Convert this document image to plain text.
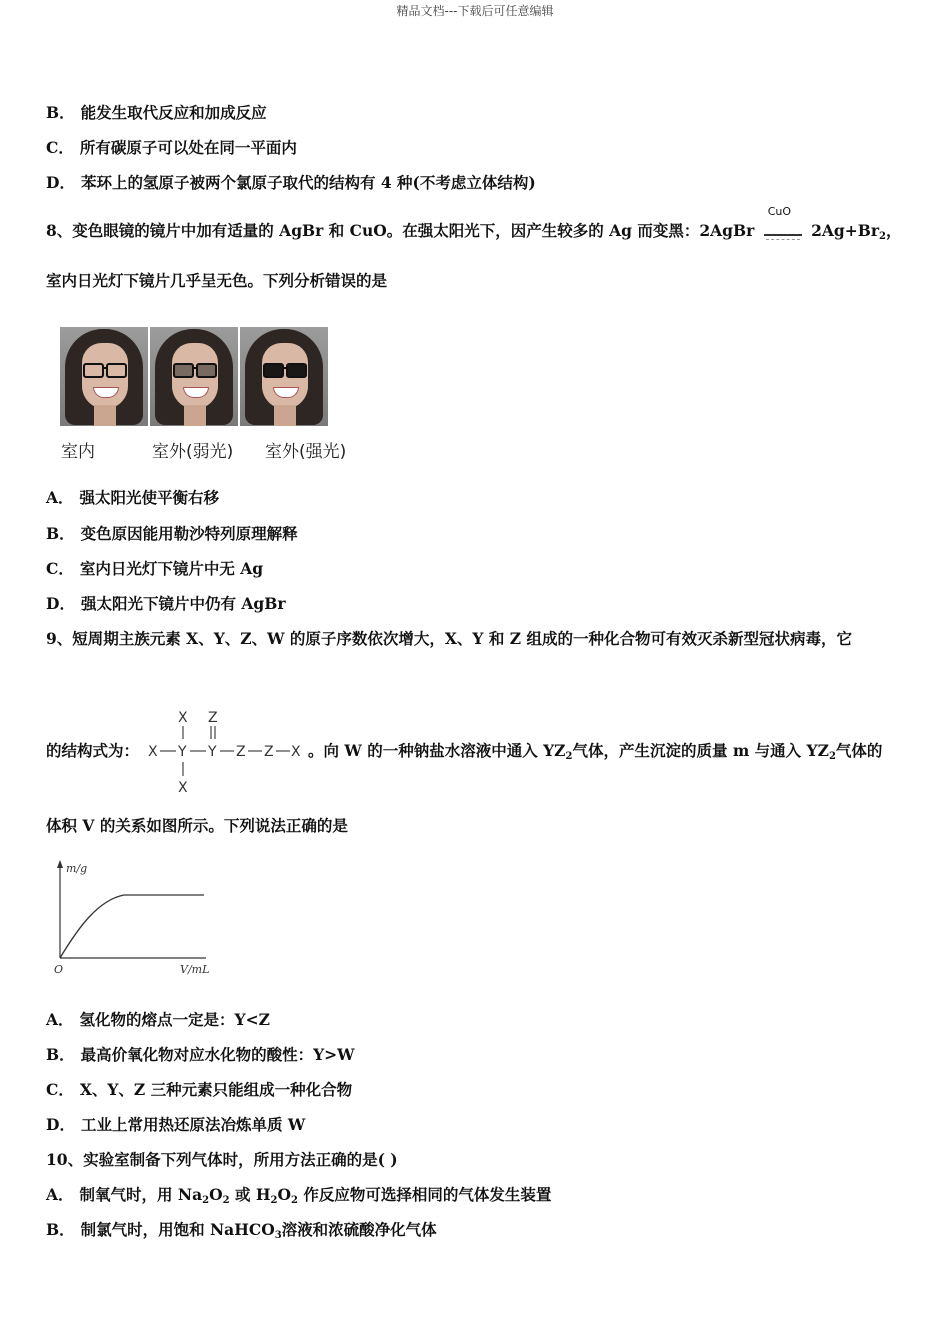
精品文档---下载后可任意编辑
B． 能发生取代反应和加成反应
C． 所有碳原子可以处在同一平面内
D． 苯环上的氢原子被两个氯原子取代的结构有 4 种(不考虑立体结构)
8、变色眼镜的镜片中加有适量的 AgBr 和 CuO。在强太阳光下，因产生较多的 Ag 而变黑：2AgBr
CuO
$2Ag+Br_2$，
室内日光灯下镜片几乎呈无色。下列分析错误的是
室内	室外(弱光) 室外(强光)
A． 强太阳光使平衡右移
B． 变色原因能用勒沙特列原理解释
C． 室内日光灯下镜片中无 Ag
D． 强太阳光下镜片中仍有 AgBr
9、短周期主族元素 X、Y、Z、W 的原子序数依次增大，X、Y 和 Z 组成的一种化合物可有效灭杀新型冠状病毒，它
的结构式为：
X Z
X Y Y Z Z X
X
。向 W 的一种钠盐水溶液中通入 $YZ_2$气体，产生沉淀的质量 m 与通入 $YZ_2$气体的
体积 V 的关系如图所示。下列说法正确的是
m/g
O	V/mL
A． 氢化物的熔点一定是：Y<Z
B． 最高价氧化物对应水化物的酸性：Y>W
C． X、Y、Z 三种元素只能组成一种化合物
D． 工业上常用热还原法冶炼单质 W
10、实验室制备下列气体时，所用方法正确的是( )
A． 制氧气时，用 $Na_2O_2$ 或 $H_2O_2$ 作反应物可选择相同的气体发生装置
B． 制氯气时，用饱和 NaHCO$_3$溶液和浓硫酸净化气体
